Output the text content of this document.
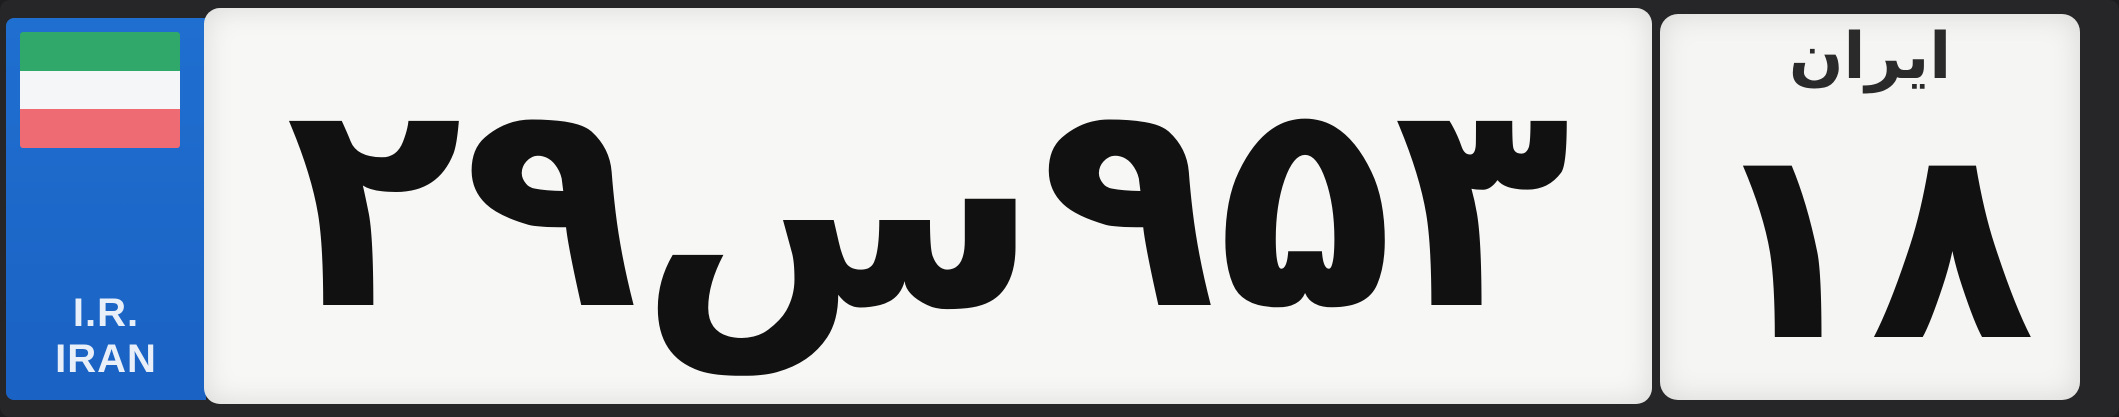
I.R.
IRAN ۲۹س۹۵۳	ایران
۱۸
